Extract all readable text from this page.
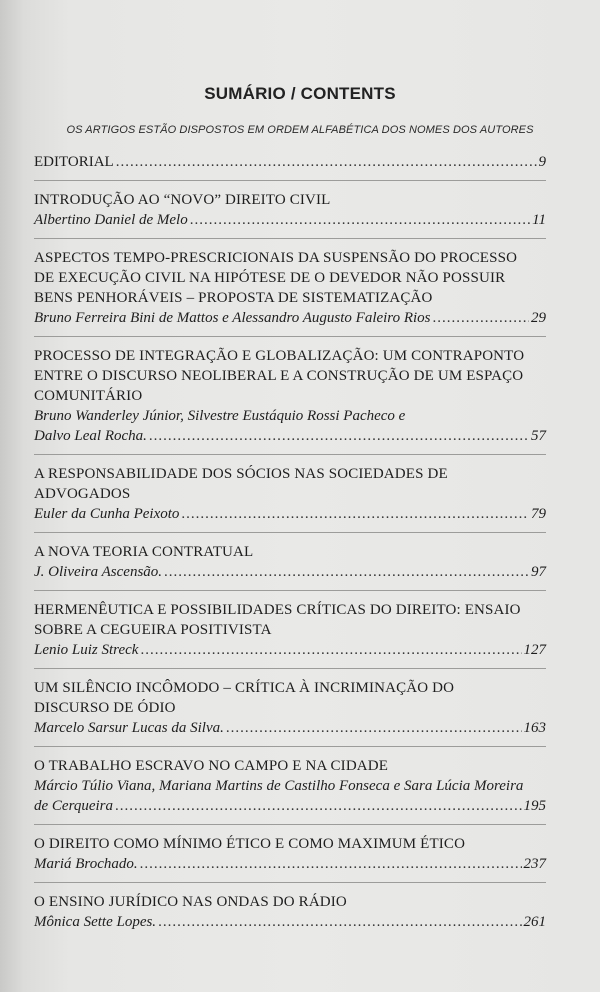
SUMÁRIO / CONTENTS
OS ARTIGOS ESTÃO DISPOSTOS EM ORDEM ALFABÉTICA DOS NOMES DOS AUTORES
EDITORIAL .....	9
INTRODUÇÃO AO “NOVO” DIREITO CIVIL
Albertino Daniel de Melo .....	11
ASPECTOS TEMPO-PRESCRICIONAIS DA SUSPENSÃO DO PROCESSO
DE EXECUÇÃO CIVIL NA HIPÓTESE DE O DEVEDOR NÃO POSSUIR
BENS PENHORÁVEIS – PROPOSTA DE SISTEMATIZAÇÃO
Bruno Ferreira Bini de Mattos e Alessandro Augusto Faleiro Rios .....	29
PROCESSO DE INTEGRAÇÃO E GLOBALIZAÇÃO: UM CONTRAPONTO
ENTRE O DISCURSO NEOLIBERAL E A CONSTRUÇÃO DE UM ESPAÇO
COMUNITÁRIO
Bruno Wanderley Júnior, Silvestre Eustáquio Rossi Pacheco e
Dalvo Leal Rocha. .....	57
A RESPONSABILIDADE DOS SÓCIOS NAS SOCIEDADES DE
ADVOGADOS
Euler da Cunha Peixoto .....	79
A NOVA TEORIA CONTRATUAL
J. Oliveira Ascensão. .....	97
HERMENÊUTICA E POSSIBILIDADES CRÍTICAS DO DIREITO: ENSAIO
SOBRE A CEGUEIRA POSITIVISTA
Lenio Luiz Streck .....	127
UM SILÊNCIO INCÔMODO – CRÍTICA À INCRIMINAÇÃO DO
DISCURSO DE ÓDIO
Marcelo Sarsur Lucas da Silva. .....	163
O TRABALHO ESCRAVO NO CAMPO E NA CIDADE
Márcio Túlio Viana, Mariana Martins de Castilho Fonseca e Sara Lúcia Moreira
de Cerqueira .....	195
O DIREITO COMO MÍNIMO ÉTICO E COMO MAXIMUM ÉTICO
Mariá Brochado. .....	237
O ENSINO JURÍDICO NAS ONDAS DO RÁDIO
Mônica Sette Lopes. .....	261
